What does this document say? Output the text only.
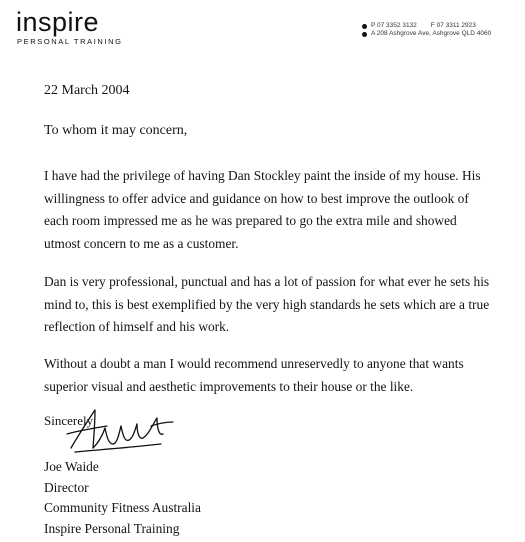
inspire
PERSONAL TRAINING
P 07 3352 3132 F 07 3311 2923
A 208 Ashgrove Ave, Ashgrove QLD 4060
22 March 2004
To whom it may concern,

I have had the privilege of having Dan Stockley paint the inside of my house. His willingness to offer advice and guidance on how to best improve the outlook of each room impressed me as he was prepared to go the extra mile and showed utmost concern to me as a customer.

Dan is very professional, punctual and has a lot of passion for what ever he sets his mind to, this is best exemplified by the very high standards he sets which are a true reflection of himself and his work.

Without a doubt a man I would recommend unreservedly to anyone that wants superior visual and aesthetic improvements to their house or the like.

Sincerely
Joe Waide
Director
Community Fitness Australia
Inspire Personal Training
